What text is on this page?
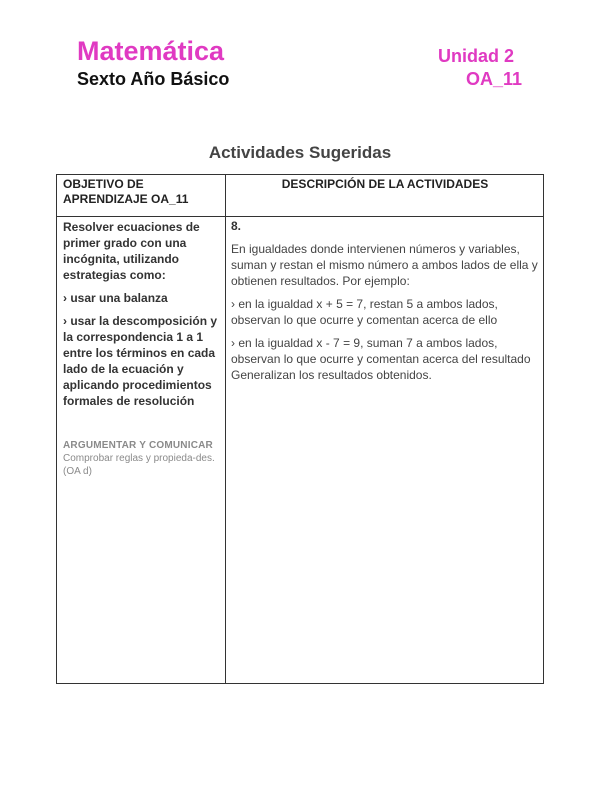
Matemática
Sexto Año Básico
Unidad 2
OA_11
Actividades Sugeridas
OBJETIVO DE APRENDIZAJE OA_11
DESCRIPCIÓN DE LA ACTIVIDADES

Resolver ecuaciones de primer grado con una incógnita, utilizando estrategias como:

› usar una balanza

› usar la descomposición y la correspondencia 1 a 1 entre los términos en cada lado de la ecuación y aplicando procedimientos formales de resolución

ARGUMENTAR Y COMUNICAR
Comprobar reglas y propieda-des. (OA d)

8.

En igualdades donde intervienen números y variables, suman y restan el mismo número a ambos lados de ella y obtienen resultados. Por ejemplo:

› en la igualdad x + 5 = 7, restan 5 a ambos lados, observan lo que ocurre y comentan acerca de ello

› en la igualdad x - 7 = 9, suman 7 a ambos lados, observan lo que ocurre y comentan acerca del resultado Generalizan los resultados obtenidos.
